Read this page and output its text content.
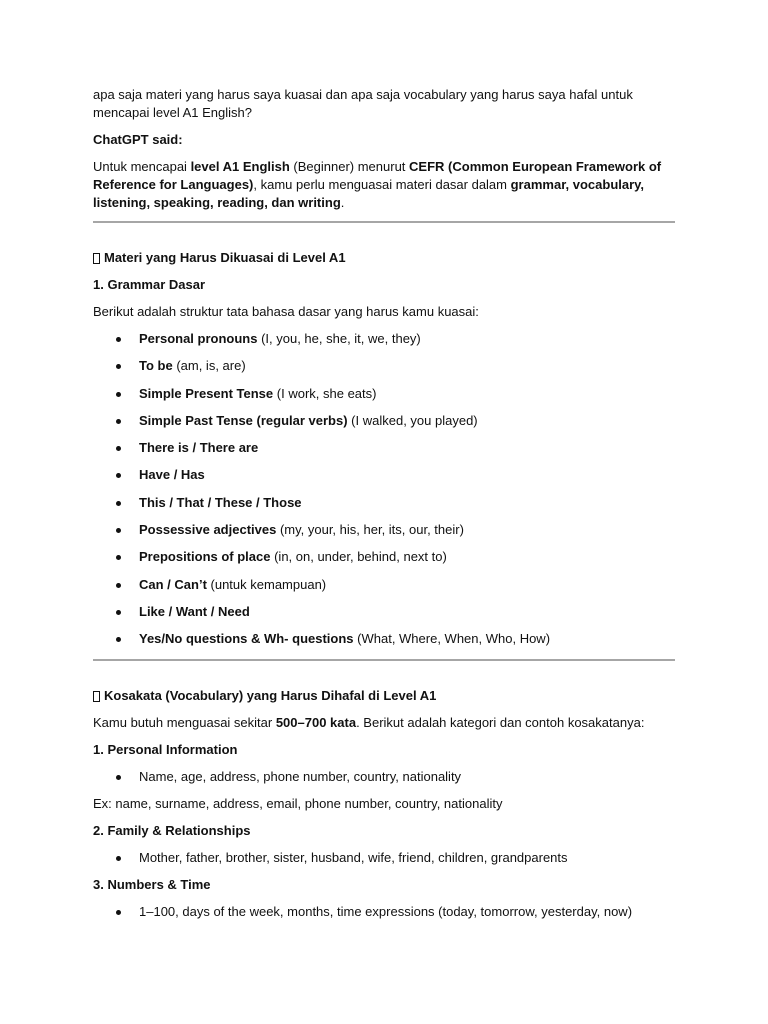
apa saja materi yang harus saya kuasai dan apa saja vocabulary yang harus saya hafal untuk mencapai level A1 English?

ChatGPT said:

Untuk mencapai level A1 English (Beginner) menurut CEFR (Common European Framework of Reference for Languages), kamu perlu menguasai materi dasar dalam grammar, vocabulary, listening, speaking, reading, dan writing.

Materi yang Harus Dikuasai di Level A1

1. Grammar Dasar

Berikut adalah struktur tata bahasa dasar yang harus kamu kuasai:

Personal pronouns (I, you, he, she, it, we, they)
To be (am, is, are)
Simple Present Tense (I work, she eats)
Simple Past Tense (regular verbs) (I walked, you played)
There is / There are
Have / Has
This / That / These / Those
Possessive adjectives (my, your, his, her, its, our, their)
Prepositions of place (in, on, under, behind, next to)
Can / Can’t (untuk kemampuan)
Like / Want / Need
Yes/No questions & Wh- questions (What, Where, When, Who, How)

Kosakata (Vocabulary) yang Harus Dihafal di Level A1

Kamu butuh menguasai sekitar 500–700 kata. Berikut adalah kategori dan contoh kosakatanya:

1. Personal Information

Name, age, address, phone number, country, nationality

Ex: name, surname, address, email, phone number, country, nationality

2. Family & Relationships

Mother, father, brother, sister, husband, wife, friend, children, grandparents

3. Numbers & Time

1–100, days of the week, months, time expressions (today, tomorrow, yesterday, now)
